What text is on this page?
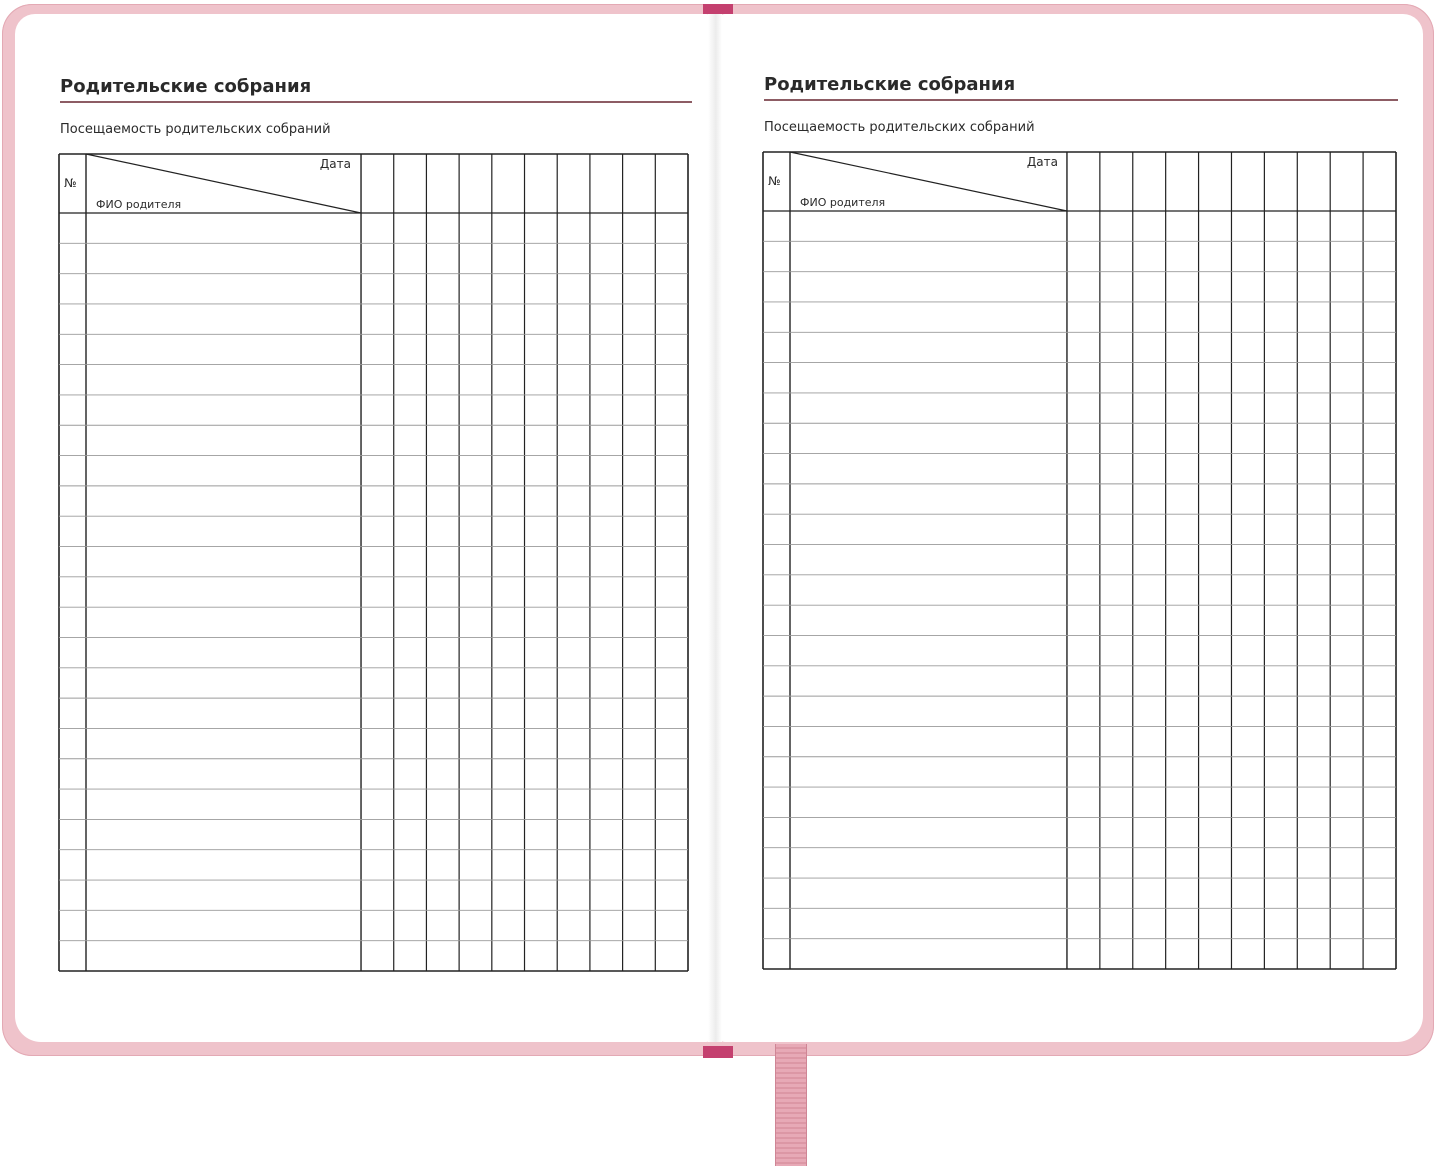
Родительские собрания
Посещаемость родительских собраний
№
Дата
ФИО родителя
Родительские собрания
Посещаемость родительских собраний
№
Дата
ФИО родителя
